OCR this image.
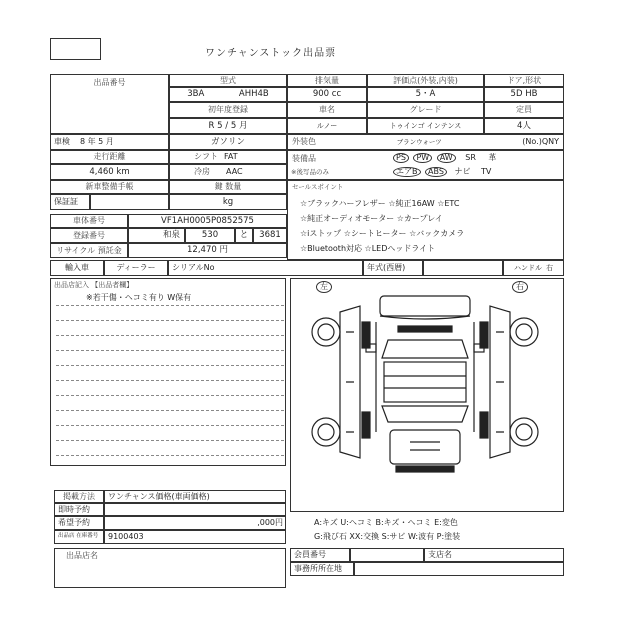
ワンチャンストック出品票
出品番号	型式	排気量	評価点(外装,内装)	ドア,形状
3BA	AHH4B	900 cc	5・A	5D HB
初年度登録	車名	グレード	定員
R 5 / 5 月	ルノー	トゥインゴ インテンス	4人
車検 8 年 5 月	ガソリン	外装色	ブランウォーツ	(No.)QNY
走行距離	シフト FAT
4,460 km	冷房 AAC
装備品
※後写品のみ
PS PW AW SR 革
エアB ABS ナビ TV
新車整備手帳	鍵 数量
保証証	kg
セールスポイント
☆ブラックハーフレザー ☆純正16AW ☆ETC
☆純正オーディオモーター ☆カープレイ
☆iストップ ☆シートヒーター ☆バックカメラ
☆Bluetooth対応 ☆LEDヘッドライト
車体番号	VF1AH0005P0852575
登録番号	和泉	530	と	3681
リサイクル 預託金	12,470 円
輸入車	ディーラー	シリアルNo	年式(西暦)	ハンドル 右
出品店記入 【出品者欄】
※若干傷・ヘコミ有り W保有
左	右
A:キズ U:ヘコミ B:キズ・ヘコミ E:変色
G:飛び石 XX:交換 S:サビ W:波有 P:塗装
掲載方法	ワンチャンス価格(車両価格)
即時予約
希望予約	,000円
出品店 在庫番号	9100403
出品店名	会員番号	支店名
事務所所在地
